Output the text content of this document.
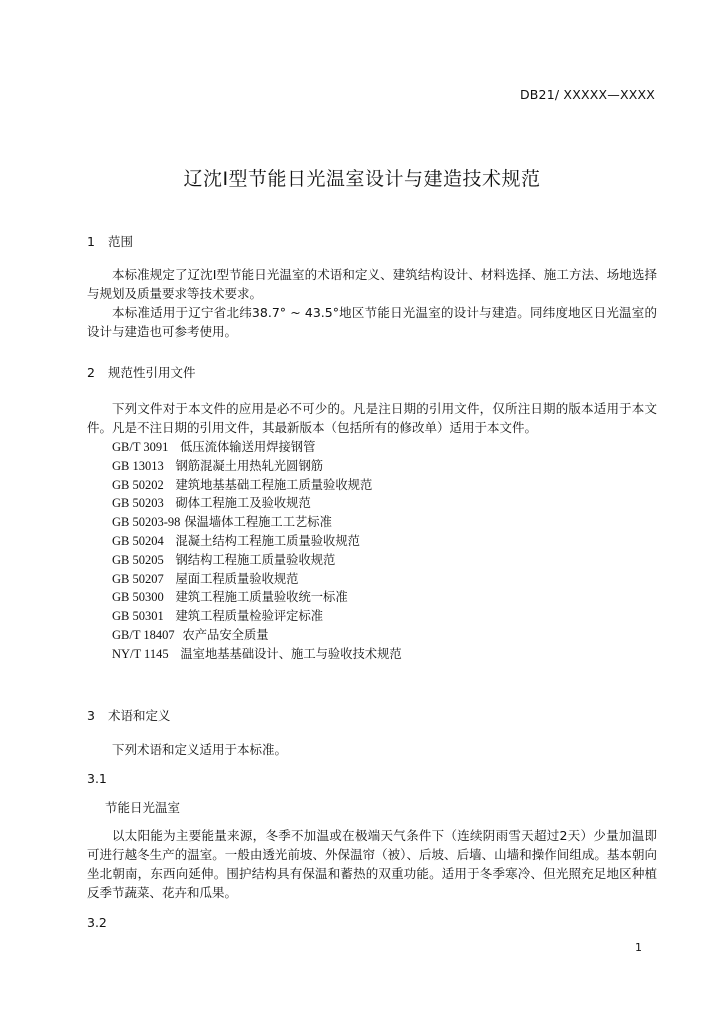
DB21/ XXXXX—XXXX
辽沈Ⅰ型节能日光温室设计与建造技术规范
1 范围

本标准规定了辽沈Ⅰ型节能日光温室的术语和定义、建筑结构设计、材料选择、施工方法、场地选择与规划及质量要求等技术要求。

本标准适用于辽宁省北纬38.7° ~ 43.5°地区节能日光温室的设计与建造。同纬度地区日光温室的设计与建造也可参考使用。

2 规范性引用文件

下列文件对于本文件的应用是必不可少的。凡是注日期的引用文件，仅所注日期的版本适用于本文件。凡是不注日期的引用文件，其最新版本（包括所有的修改单）适用于本文件。

GB/T 3091 低压流体输送用焊接钢管
GB 13013 钢筋混凝土用热轧光圆钢筋
GB 50202 建筑地基基础工程施工质量验收规范
GB 50203 砌体工程施工及验收规范
GB 50203-98 保温墙体工程施工工艺标准
GB 50204 混凝土结构工程施工质量验收规范
GB 50205 钢结构工程施工质量验收规范
GB 50207 屋面工程质量验收规范
GB 50300 建筑工程施工质量验收统一标准
GB 50301 建筑工程质量检验评定标准
GB/T 18407 农产品安全质量
NY/T 1145 温室地基基础设计、施工与验收技术规范
3 术语和定义

下列术语和定义适用于本标准。

3.1
节能日光温室

以太阳能为主要能量来源，冬季不加温或在极端天气条件下（连续阴雨雪天超过2天）少量加温即可进行越冬生产的温室。一般由透光前坡、外保温帘（被）、后坡、后墙、山墙和操作间组成。基本朝向坐北朝南，东西向延伸。围护结构具有保温和蓄热的双重功能。适用于冬季寒冷、但光照充足地区种植反季节蔬菜、花卉和瓜果。

3.2
1
